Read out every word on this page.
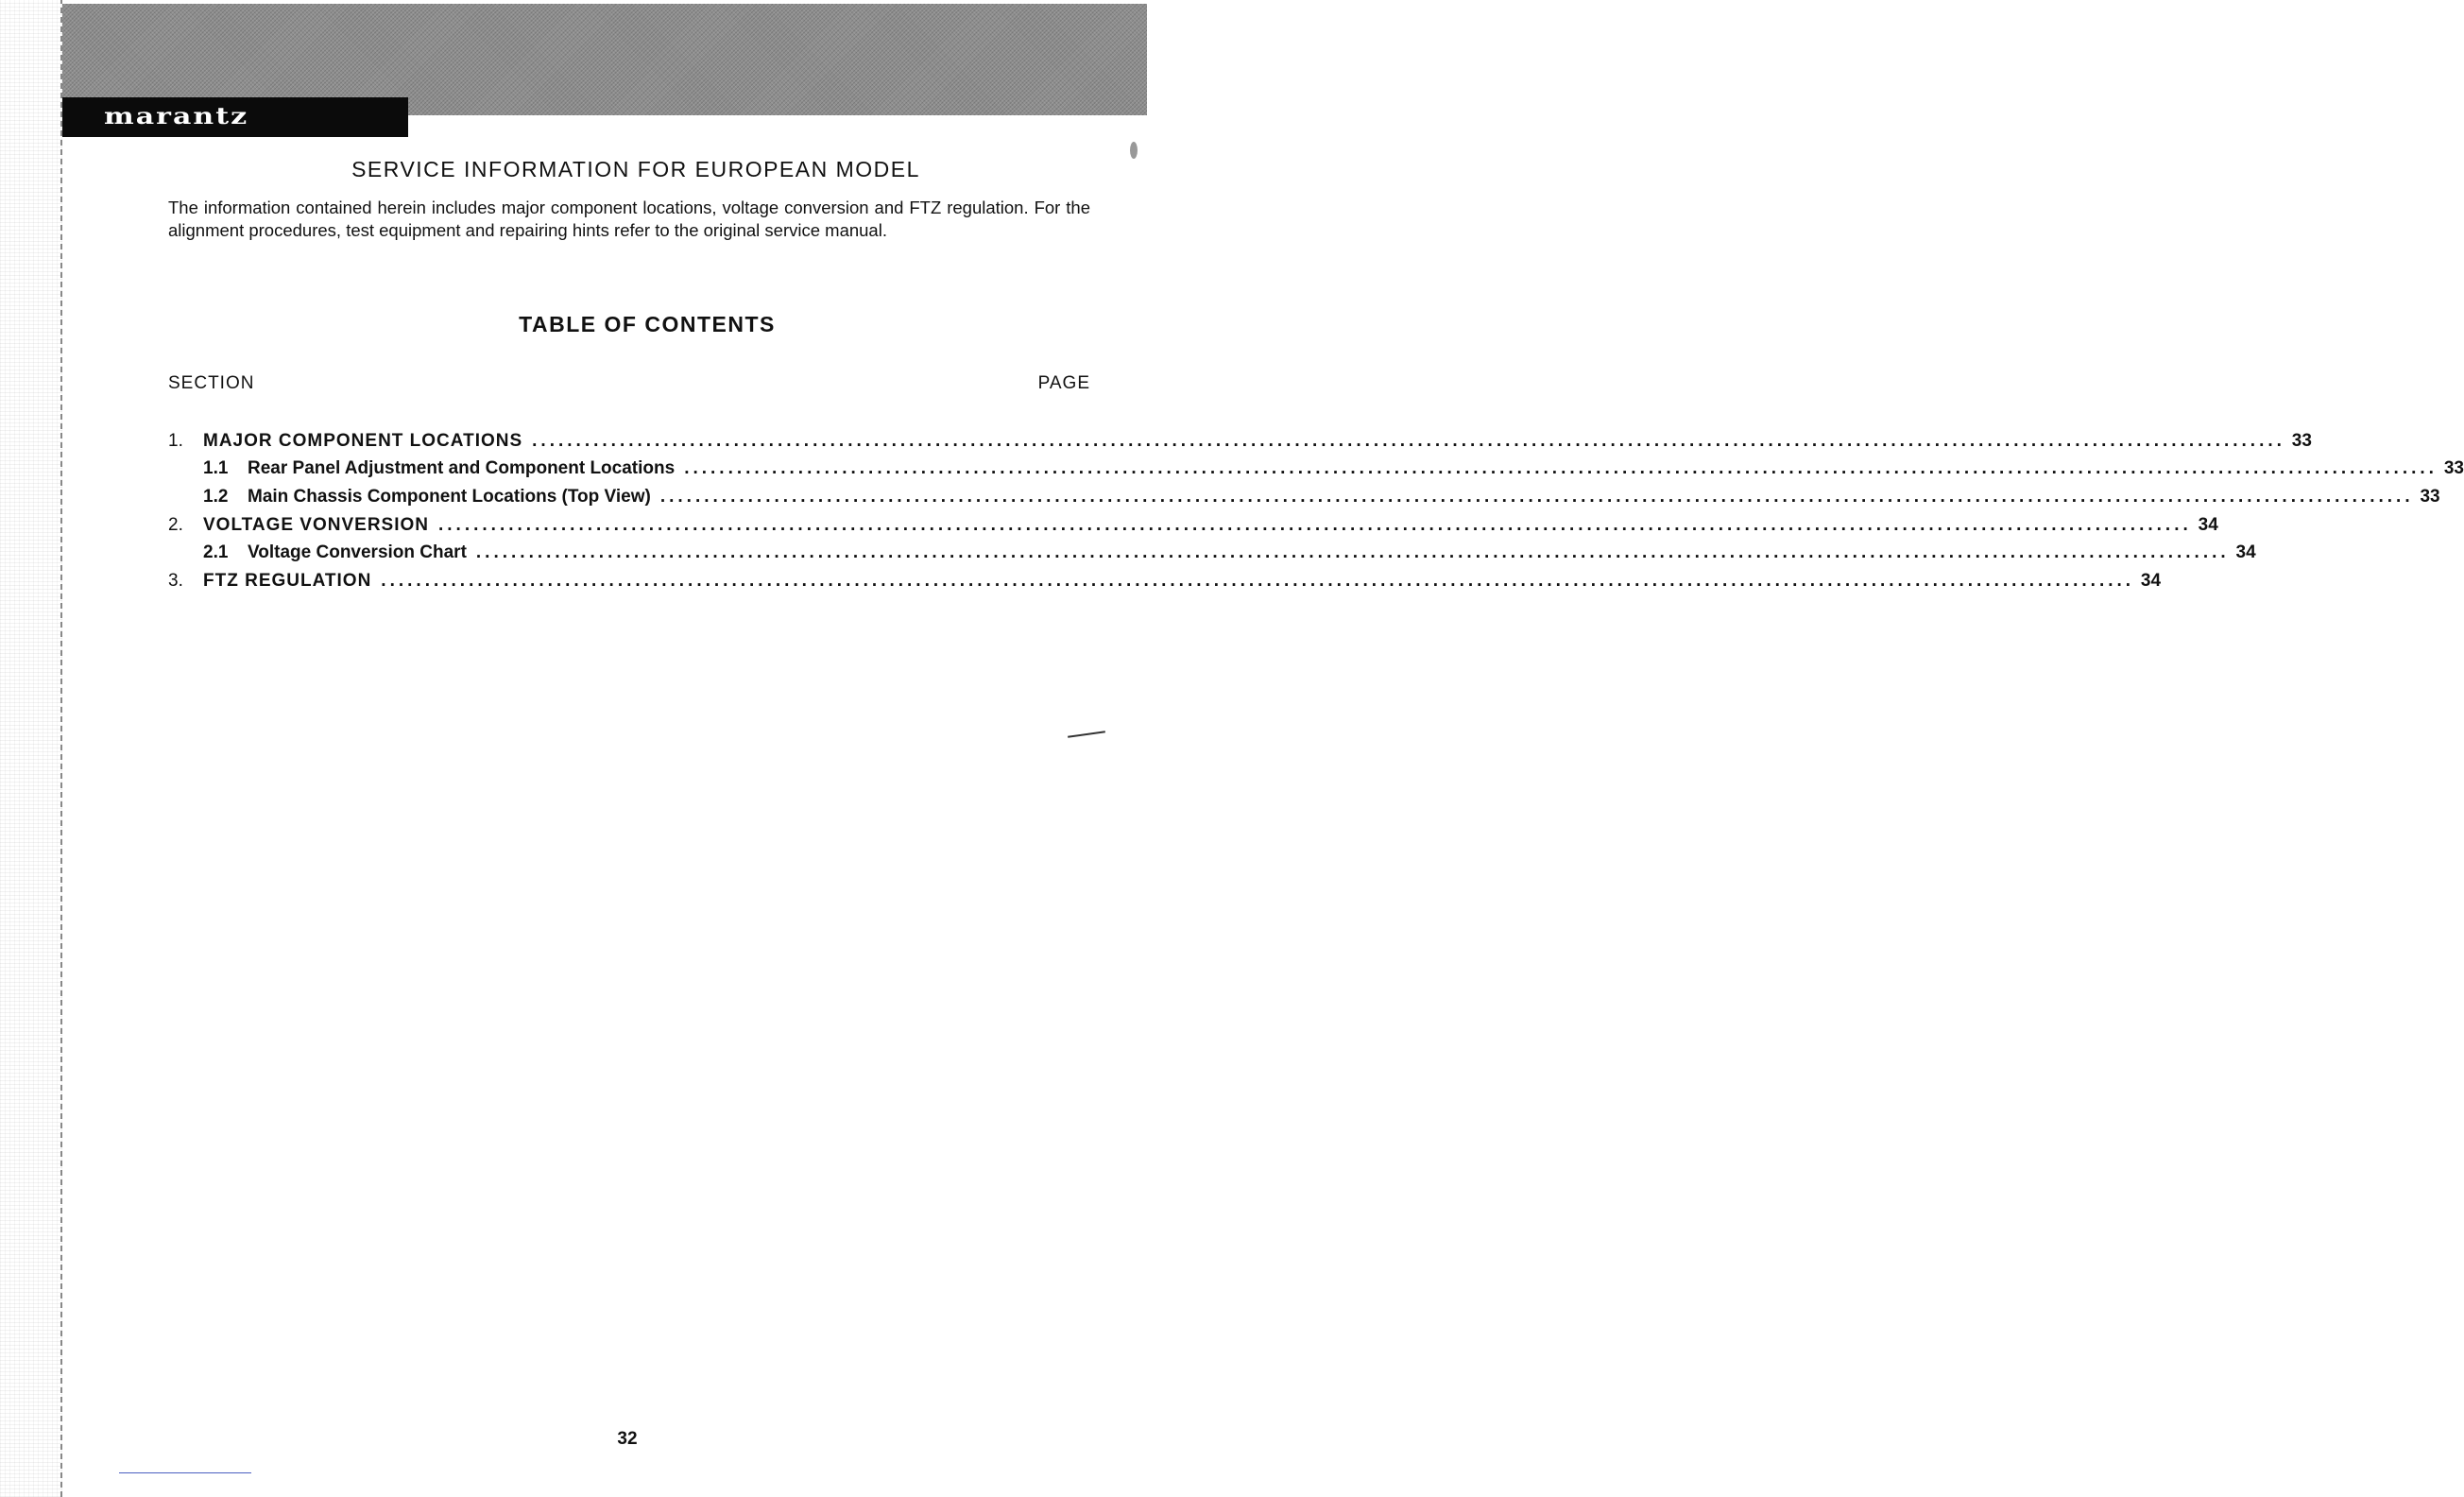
marantz
SERVICE INFORMATION FOR EUROPEAN MODEL

The information contained herein includes major component locations, voltage conversion and FTZ regulation. For the alignment procedures, test equipment and repairing hints refer to the original service manual.

TABLE OF CONTENTS
SECTION	PAGE
1.	MAJOR COMPONENT LOCATIONS ........................................................................................................................................................................................................ 33
1.1	Rear Panel Adjustment and Component Locations ........................................................................................................................................................................................................ 33
1.2	Main Chassis Component Locations (Top View) ........................................................................................................................................................................................................ 33
2.	VOLTAGE VONVERSION ........................................................................................................................................................................................................ 34
2.1	Voltage Conversion Chart ........................................................................................................................................................................................................ 34
3.	FTZ REGULATION ........................................................................................................................................................................................................ 34
32
